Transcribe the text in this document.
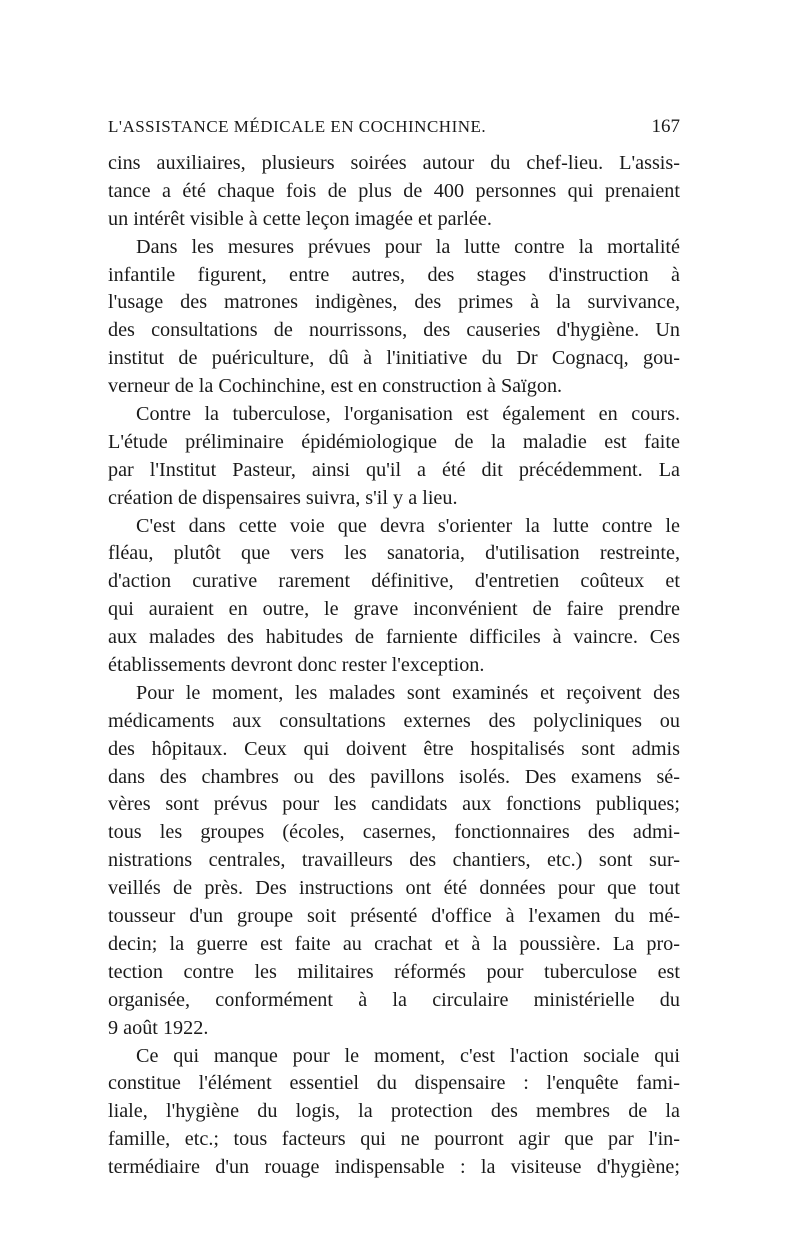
L'ASSISTANCE MÉDICALE EN COCHINCHINE.	167
cins auxiliaires, plusieurs soirées autour du chef-lieu. L'assis-
tance a été chaque fois de plus de 400 personnes qui prenaient
un intérêt visible à cette leçon imagée et parlée.
Dans les mesures prévues pour la lutte contre la mortalité
infantile figurent, entre autres, des stages d'instruction à
l'usage des matrones indigènes, des primes à la survivance,
des consultations de nourrissons, des causeries d'hygiène. Un
institut de puériculture, dû à l'initiative du Dr Cognacq, gou-
verneur de la Cochinchine, est en construction à Saïgon.
Contre la tuberculose, l'organisation est également en cours.
L'étude préliminaire épidémiologique de la maladie est faite
par l'Institut Pasteur, ainsi qu'il a été dit précédemment. La
création de dispensaires suivra, s'il y a lieu.
C'est dans cette voie que devra s'orienter la lutte contre le
fléau, plutôt que vers les sanatoria, d'utilisation restreinte,
d'action curative rarement définitive, d'entretien coûteux et
qui auraient en outre, le grave inconvénient de faire prendre
aux malades des habitudes de farniente difficiles à vaincre. Ces
établissements devront donc rester l'exception.
Pour le moment, les malades sont examinés et reçoivent des
médicaments aux consultations externes des polycliniques ou
des hôpitaux. Ceux qui doivent être hospitalisés sont admis
dans des chambres ou des pavillons isolés. Des examens sé-
vères sont prévus pour les candidats aux fonctions publiques;
tous les groupes (écoles, casernes, fonctionnaires des admi-
nistrations centrales, travailleurs des chantiers, etc.) sont sur-
veillés de près. Des instructions ont été données pour que tout
tousseur d'un groupe soit présenté d'office à l'examen du mé-
decin; la guerre est faite au crachat et à la poussière. La pro-
tection contre les militaires réformés pour tuberculose est
organisée, conformément à la circulaire ministérielle du
9 août 1922.
Ce qui manque pour le moment, c'est l'action sociale qui
constitue l'élément essentiel du dispensaire : l'enquête fami-
liale, l'hygiène du logis, la protection des membres de la
famille, etc.; tous facteurs qui ne pourront agir que par l'in-
termédiaire d'un rouage indispensable : la visiteuse d'hygiène;
